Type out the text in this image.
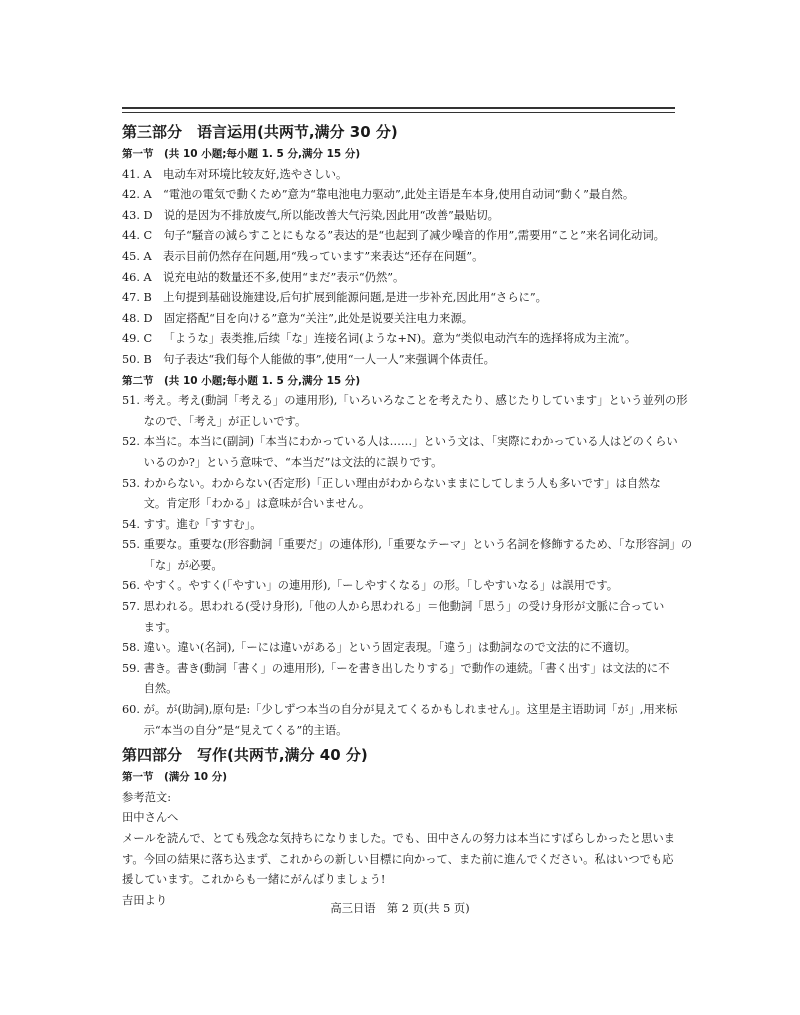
第三部分　语言运用(共两节,满分 30 分)
第一节　(共 10 小题;每小题 1. 5 分,满分 15 分)
41. A　 电动车对环境比较友好,选やさしい。
42. A　 “電池の電気で動くため”意为“靠电池电力驱动”,此处主语是车本身,使用自动词“動く”最自然。
43. D　 说的是因为不排放废气,所以能改善大气污染,因此用“改善”最贴切。
44. C　 句子“騒音の減らすことにもなる”表达的是“也起到了减少噪音的作用”,需要用“こと”来名词化动词。
45. A　 表示目前仍然存在问题,用“残っています”来表达“还存在问题”。
46. A　 说充电站的数量还不多,使用“まだ”表示“仍然”。
47. B　 上句提到基础设施建设,后句扩展到能源问题,是进一步补充,因此用“さらに”。
48. D　 固定搭配“目を向ける”意为“关注”,此处是说要关注电力来源。
49. C　 「ような」表类推,后续「な」连接名词(ような+N)。意为“类似电动汽车的选择将成为主流”。
50. B　 句子表达“我们每个人能做的事”,使用“一人一人”来强调个体责任。
第二节　(共 10 小题;每小题 1. 5 分,满分 15 分)
51. 考え。考え(動詞「考える」の連用形),「いろいろなことを考えたり、感じたりしています」という並列の形
なので、「考え」が正しいです。
52. 本当に。本当に(副詞)「本当にわかっている人は……」という文は、「実際にわかっている人はどのくらい
いるのか?」という意味で、“本当だ”は文法的に誤りです。
53. わからない。わからない(否定形)「正しい理由がわからないままにしてしまう人も多いです」は自然な
文。肯定形「わかる」は意味が合いません。
54. すす。進む「すすむ」。
55. 重要な。重要な(形容動詞「重要だ」の連体形),「重要なテーマ」という名詞を修飾するため、「な形容詞」の
「な」が必要。
56. やすく。やすく(「やすい」の連用形),「ーしやすくなる」の形。「しやすいなる」は誤用です。
57. 思われる。思われる(受け身形),「他の人から思われる」＝他動詞「思う」の受け身形が文脈に合ってい
ます。
58. 違い。違い(名詞),「ーには違いがある」という固定表現。「違う」は動詞なので文法的に不適切。
59. 書き。書き(動詞「書く」の連用形),「ーを書き出したりする」で動作の連続。「書く出す」は文法的に不
自然。
60. が。が(助詞),原句是:「少しずつ本当の自分が見えてくるかもしれません」。这里是主语助词「が」,用来标
示“本当の自分”是“見えてくる”的主语。
第四部分　写作(共两节,满分 40 分)
第一节　(满分 10 分)
参考范文:
田中さんへ
メールを読んで、とても残念な気持ちになりました。でも、田中さんの努力は本当にすばらしかったと思いま
す。今回の結果に落ち込まず、これからの新しい目標に向かって、また前に進んでください。私はいつでも応
援しています。これからも一緒にがんばりましょう!
吉田より
高三日语　第 2 页(共 5 页)
